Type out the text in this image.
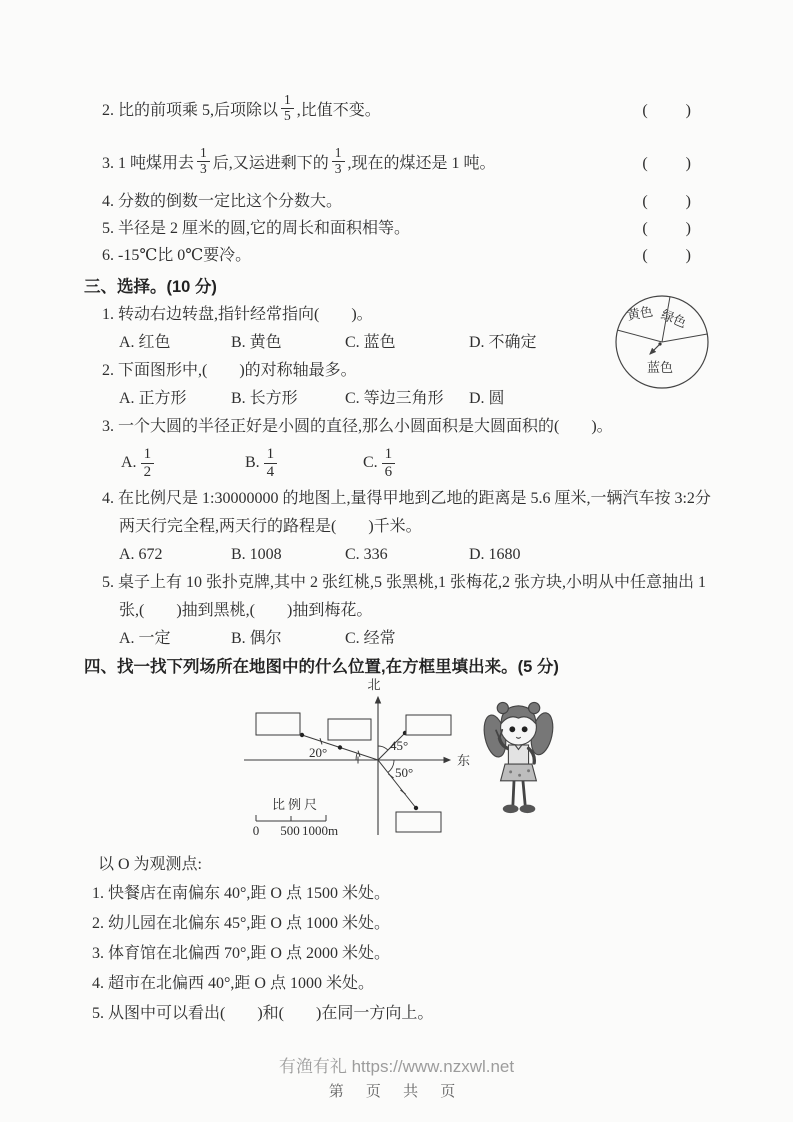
2. 比的前项乘 5,后项除以
1
5 ,比值不变。	(　　)
3. 1 吨煤用去
1
3 后,又运进剩下的
1
3 ,现在的煤还是 1 吨。	(　　)
4. 分数的倒数一定比这个分数大。	(　　)
5. 半径是 2 厘米的圆,它的周长和面积相等。	(　　)
6. -15℃比 0℃要冷。	(　　)
三、选择。(10 分)
1. 转动右边转盘,指针经常指向(　　)。
A. 红色	B. 黄色	C. 蓝色	D. 不确定
2. 下面图形中,(　　)的对称轴最多。
A. 正方形	B. 长方形	C. 等边三角形	D. 圆
3. 一个大圆的半径正好是小圆的直径,那么小圆面积是大圆面积的(　　)。
A. 1
2
B. 1
4
C. 1
6
4. 在比例尺是 1:30000000 的地图上,量得甲地到乙地的距离是 5.6 厘米,一辆汽车按 3:2分
两天行完全程,两天行的路程是(　　)千米。
A. 672	B. 1008	C. 336	D. 1680
5. 桌子上有 10 张扑克牌,其中 2 张红桃,5 张黑桃,1 张梅花,2 张方块,小明从中任意抽出 1
张,(　　)抽到黑桃,(　　)抽到梅花。
A. 一定	B. 偶尔	C. 经常
四、找一找下列场所在地图中的什么位置,在方框里填出来。(5 分)
北
东
20°	45°
50°
比例尺
0 500 1000m
以 O 为观测点:
1. 快餐店在南偏东 40°,距 O 点 1500 米处。
2. 幼儿园在北偏东 45°,距 O 点 1000 米处。
3. 体育馆在北偏西 70°,距 O 点 2000 米处。
4. 超市在北偏西 40°,距 O 点 1000 米处。
5. 从图中可以看出(　　)和(　　)在同一方向上。
黄色 绿色
蓝色
有渔有礼 https://www.nzxwl.net
第 页 共 页
